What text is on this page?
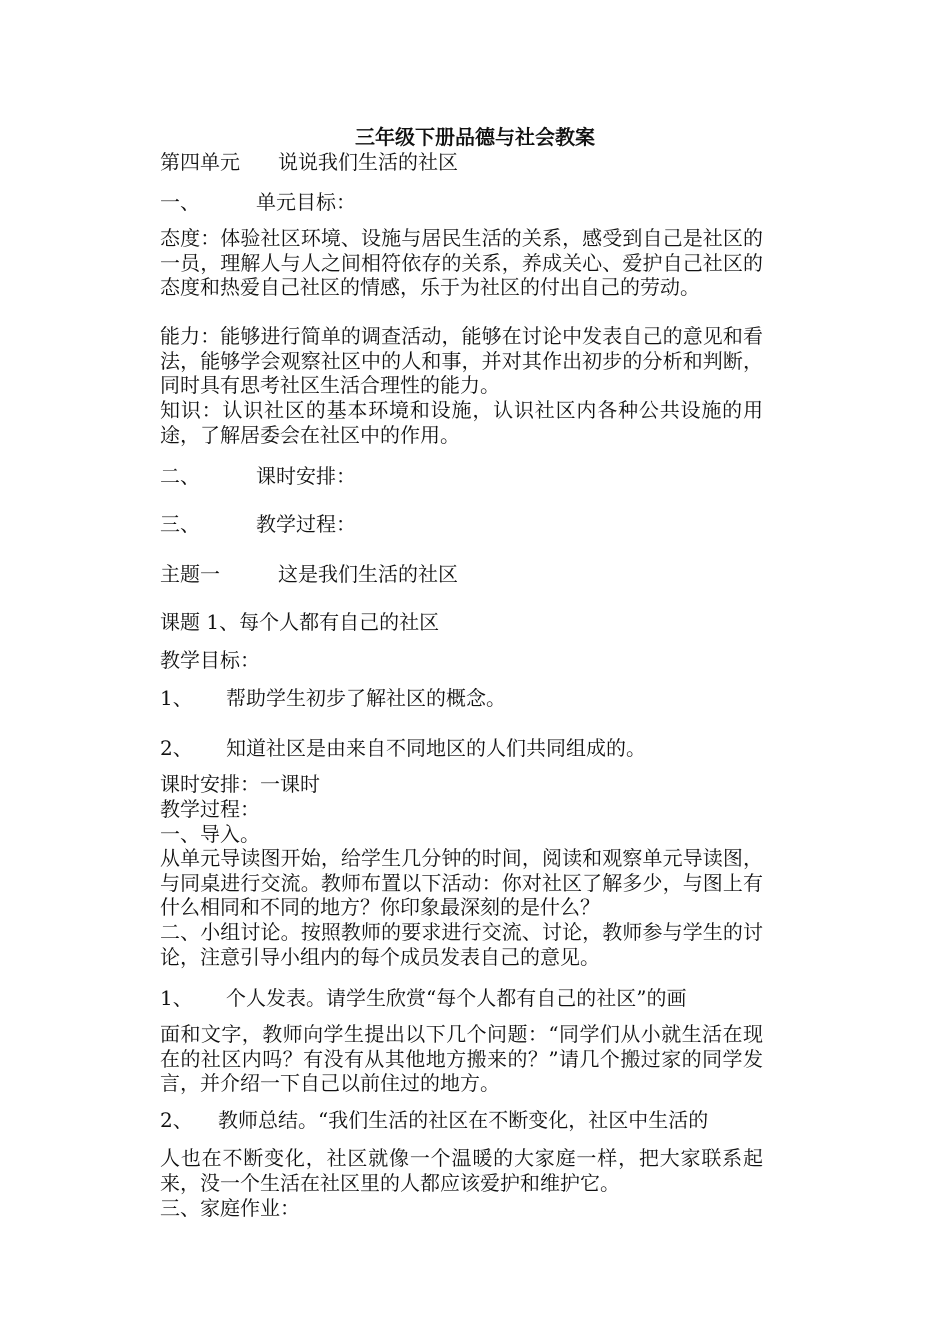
三年级下册品德与社会教案
第四单元 说说我们生活的社区
一、	单元目标：
态度：体验社区环境、设施与居民生活的关系，感受到自己是社区的一员，理解人与人之间相符依存的关系，养成关心、爱护自己社区的态度和热爱自己社区的情感，乐于为社区的付出自己的劳动。
能力：能够进行简单的调查活动，能够在讨论中发表自己的意见和看法，能够学会观察社区中的人和事，并对其作出初步的分析和判断，同时具有思考社区生活合理性的能力。
知识：认识社区的基本环境和设施，认识社区内各种公共设施的用途，了解居委会在社区中的作用。
二、	课时安排：
三、	教学过程：
主题一	这是我们生活的社区
课题 1、每个人都有自己的社区
教学目标：
1、 帮助学生初步了解社区的概念。
2、 知道社区是由来自不同地区的人们共同组成的。
课时安排：一课时
教学过程：
一、导入。
从单元导读图开始，给学生几分钟的时间，阅读和观察单元导读图，与同桌进行交流。教师布置以下活动：你对社区了解多少，与图上有什么相同和不同的地方？你印象最深刻的是什么？
二、小组讨论。按照教师的要求进行交流、讨论，教师参与学生的讨论，注意引导小组内的每个成员发表自己的意见。
1、 个人发表。请学生欣赏“每个人都有自己的社区”的画
面和文字，教师向学生提出以下几个问题：“同学们从小就生活在现在的社区内吗？有没有从其他地方搬来的？”请几个搬过家的同学发言，并介绍一下自己以前住过的地方。
2、 教师总结。“我们生活的社区在不断变化，社区中生活的
人也在不断变化，社区就像一个温暖的大家庭一样，把大家联系起来，没一个生活在社区里的人都应该爱护和维护它。
三、家庭作业：
